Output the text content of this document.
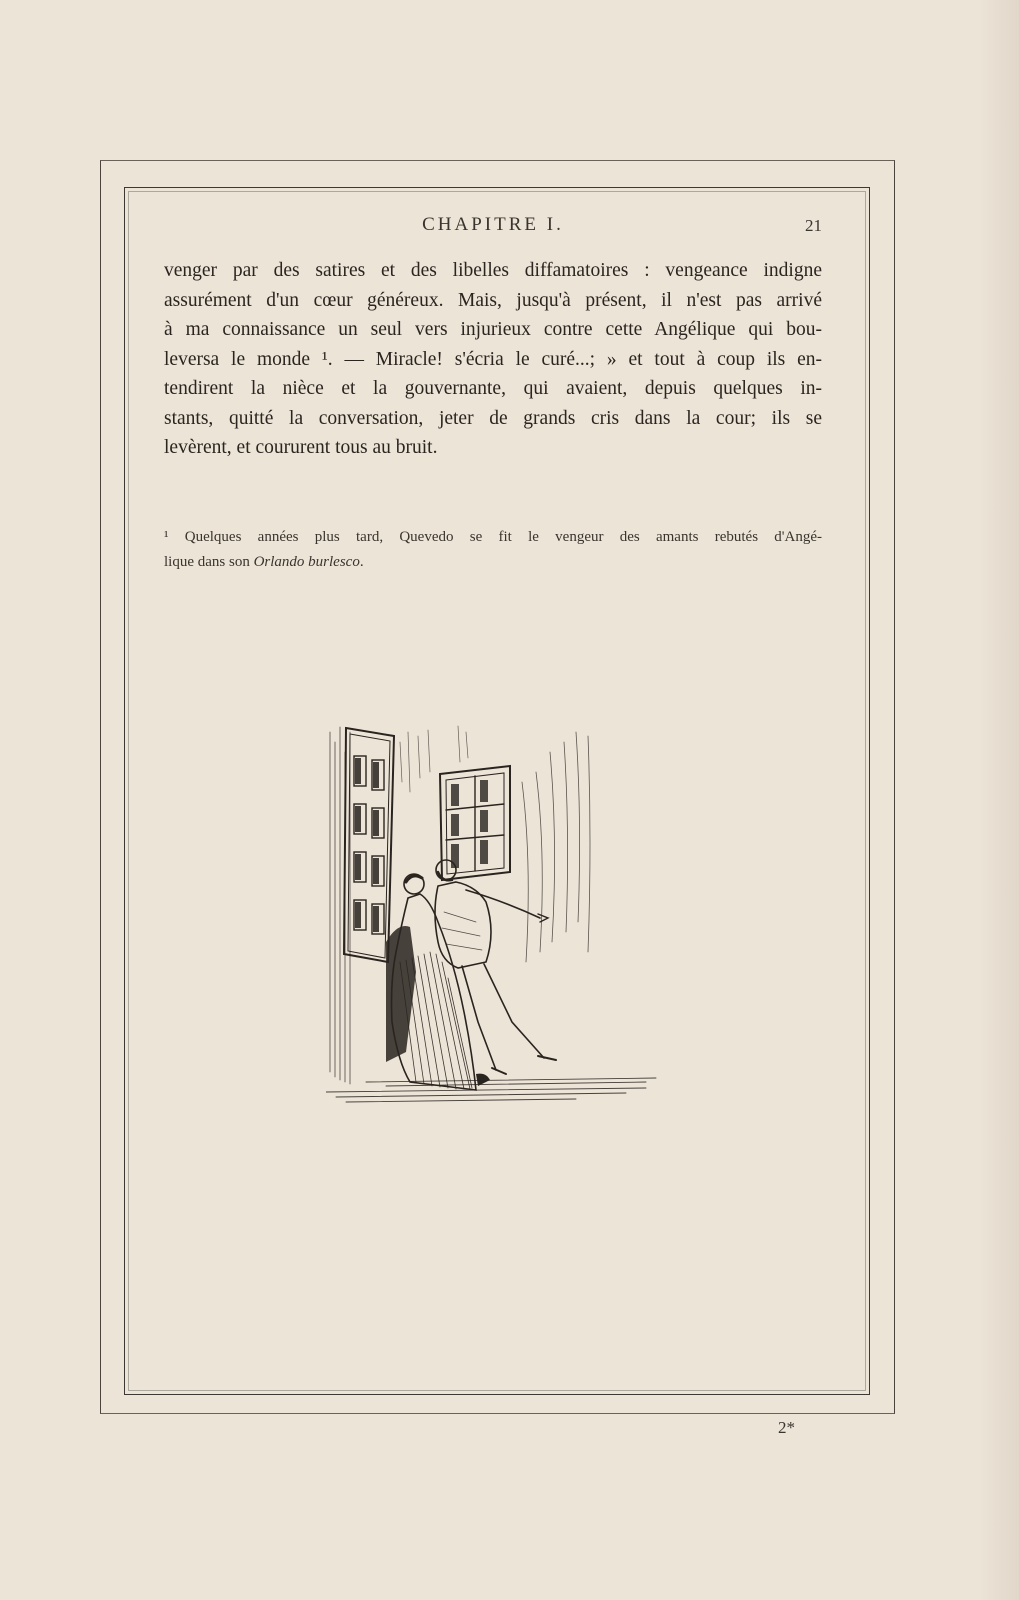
CHAPITRE I.	21

venger par des satires et des libelles diffamatoires : vengeance indigne

assurément d'un cœur généreux. Mais, jusqu'à présent, il n'est pas arrivé

à ma connaissance un seul vers injurieux contre cette Angélique qui bou-

leversa le monde ¹. — Miracle! s'écria le curé...; » et tout à coup ils en-

tendirent la nièce et la gouvernante, qui avaient, depuis quelques in-

stants, quitté la conversation, jeter de grands cris dans la cour; ils se

levèrent, et coururent tous au bruit.

¹ Quelques années plus tard, Quevedo se fit le vengeur des amants rebutés d'Angé-

lique dans son Orlando burlesco.

2*
